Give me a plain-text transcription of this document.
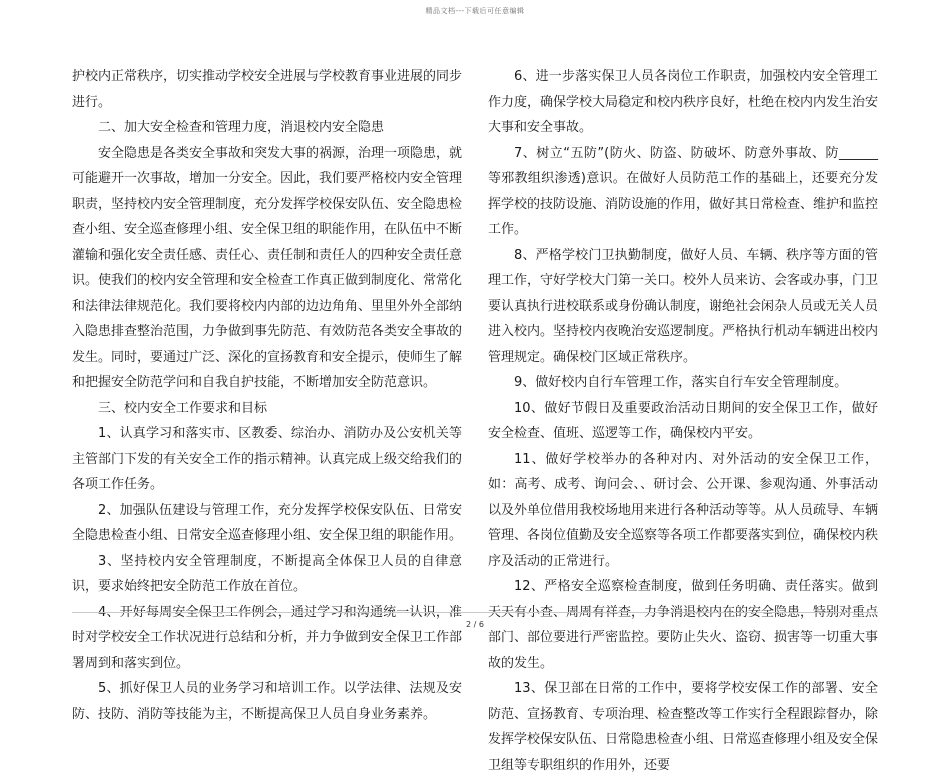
精品文档---下载后可任意编辑

护校内正常秩序，切实推动学校安全进展与学校教育事业进展的同步进行。

二、加大安全检查和管理力度，消退校内安全隐患

安全隐患是各类安全事故和突发大事的祸源，治理一项隐患，就可能避开一次事故，增加一分安全。因此，我们要严格校内安全管理职责，坚持校内安全管理制度，充分发挥学校保安队伍、安全隐患检查小组、安全巡查修理小组、安全保卫组的职能作用，在队伍中不断灌输和强化安全责任感、责任心、责任制和责任人的四种安全责任意识。使我们的校内安全管理和安全检查工作真正做到制度化、常常化和法律法律规范化。我们要将校内内部的边边角角、里里外外全部纳入隐患排查整治范围，力争做到事先防范、有效防范各类安全事故的发生。同时，要通过广泛、深化的宣扬教育和安全提示，使师生了解和把握安全防范学问和自我自护技能，不断增加安全防范意识。

三、校内安全工作要求和目标

1、认真学习和落实市、区教委、综治办、消防办及公安机关等主管部门下发的有关安全工作的指示精神。认真完成上级交给我们的各项工作任务。

2、加强队伍建设与管理工作，充分发挥学校保安队伍、日常安全隐患检查小组、日常安全巡查修理小组、安全保卫组的职能作用。

3、坚持校内安全管理制度，不断提高全体保卫人员的自律意识，要求始终把安全防范工作放在首位。

4、开好每周安全保卫工作例会，通过学习和沟通统一认识，准时对学校安全工作状况进行总结和分析，并力争做到安全保卫工作部署周到和落实到位。

5、抓好保卫人员的业务学习和培训工作。以学法律、法规及安防、技防、消防等技能为主，不断提高保卫人员自身业务素养。

6、进一步落实保卫人员各岗位工作职责，加强校内安全管理工作力度，确保学校大局稳定和校内秩序良好，杜绝在校内内发生治安大事和安全事故。

7、树立“五防”(防火、防盗、防破坏、防意外事故、防______等邪教组织渗透)意识。在做好人员防范工作的基础上，还要充分发挥学校的技防设施、消防设施的作用，做好其日常检查、维护和监控工作。

8、严格学校门卫执勤制度，做好人员、车辆、秩序等方面的管理工作，守好学校大门第一关口。校外人员来访、会客或办事，门卫要认真执行进校联系或身份确认制度，谢绝社会闲杂人员或无关人员进入校内。坚持校内夜晚治安巡逻制度。严格执行机动车辆进出校内管理规定。确保校门区域正常秩序。

9、做好校内自行车管理工作，落实自行车安全管理制度。

10、做好节假日及重要政治活动日期间的安全保卫工作，做好安全检查、值班、巡逻等工作，确保校内平安。

11、做好学校举办的各种对内、对外活动的安全保卫工作，如：高考、成考、询问会、、研讨会、公开课、参观沟通、外事活动以及外单位借用我校场地用来进行各种活动等等。从人员疏导、车辆管理、各岗位值勤及安全巡察等各项工作都要落实到位，确保校内秩序及活动的正常进行。

12、严格安全巡察检查制度，做到任务明确、责任落实。做到天天有小查、周周有祥查，力争消退校内在的安全隐患，特别对重点部门、部位要进行严密监控。要防止失火、盗窃、损害等一切重大事故的发生。

13、保卫部在日常的工作中，要将学校安保工作的部署、安全防范、宣扬教育、专项治理、检查整改等工作实行全程跟踪督办，除发挥学校保安队伍、日常隐患检查小组、日常巡查修理小组及安全保卫组等专职组织的作用外，还要

2 / 6
